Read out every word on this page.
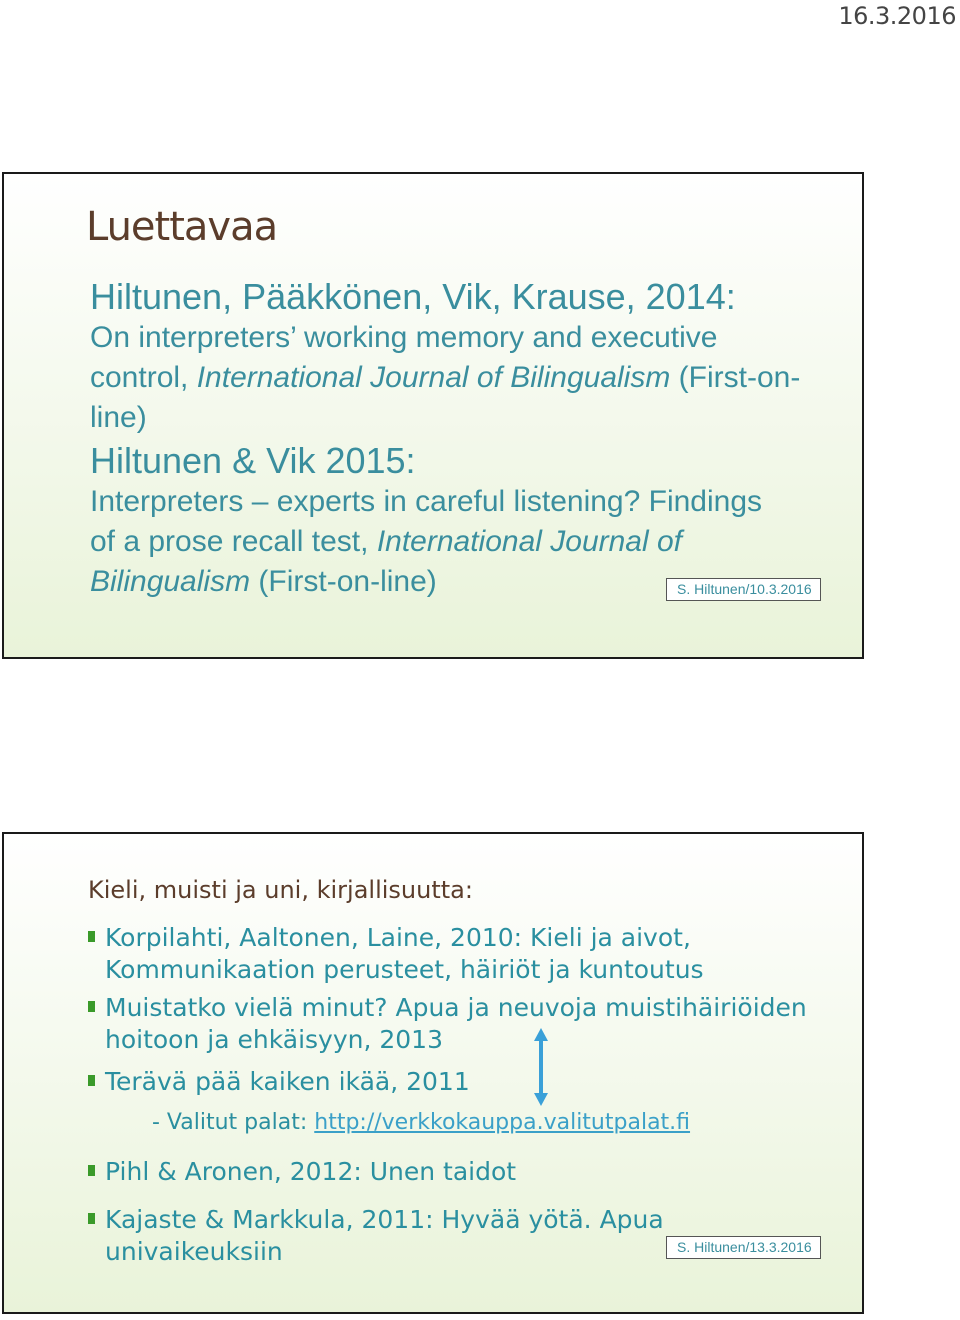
16.3.2016
Luettavaa

Hiltunen, Pääkkönen, Vik, Krause, 2014:

On interpreters’ working memory and executive
control, International Journal of Bilingualism (First-on-
line)

Hiltunen & Vik 2015:

Interpreters – experts in careful listening? Findings
of a prose recall test, International Journal of
Bilingualism (First-on-line)	S. Hiltunen/10.3.2016
Kieli, muisti ja uni, kirjallisuutta:
Korpilahti, Aaltonen, Laine, 2010: Kieli ja aivot,
Kommunikaation perusteet, häiriöt ja kuntoutus
Muistatko vielä minut? Apua ja neuvoja muistihäiriöiden
hoitoon ja ehkäisyyn, 2013
Terävä pää kaiken ikää, 2011
- Valitut palat: http://verkkokauppa.valitutpalat.fi
Pihl & Aronen, 2012: Unen taidot
Kajaste & Markkula, 2011: Hyvää yötä. Apua
univaikeuksiin	S. Hiltunen/13.3.2016
